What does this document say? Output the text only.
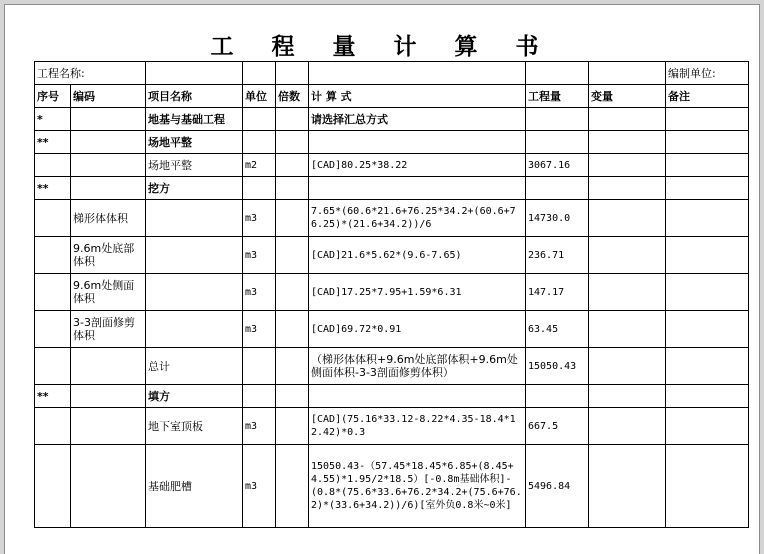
工 程 量 计 算 书
工程名称:								编制单位:
序号	编码	项目名称	单位	倍数	计 算 式	工程量	变量	备注
*		地基与基础工程			请选择汇总方式			
**		场地平整						
		场地平整	m2		[CAD]80.25*38.22	3067.16		
**		挖方						
	梯形体体积		m3		7.65*(60.6*21.6+76.25*34.2+(60.6+76.25)*(21.6+34.2))/6	14730.0		
	9.6m处底部体积		m3		[CAD]21.6*5.62*(9.6-7.65)	236.71		
	9.6m处侧面体积		m3		[CAD]17.25*7.95+1.59*6.31	147.17		
	3-3剖面修剪体积		m3		[CAD]69.72*0.91	63.45		
		总计			（梯形体体积+9.6m处底部体积+9.6m处侧面体积-3-3剖面修剪体积）	15050.43		
**		填方						
		地下室顶板	m3		[CAD](75.16*33.12-8.22*4.35-18.4*12.42)*0.3	667.5		
		基础肥槽	m3		15050.43-（57.45*18.45*6.85+(8.45+4.55)*1.95/2*18.5）[-0.8m基础体积]-(0.8*(75.6*33.6+76.2*34.2+(75.6+76.2)*(33.6+34.2))/6)[室外负0.8米~0米]	5496.84		
